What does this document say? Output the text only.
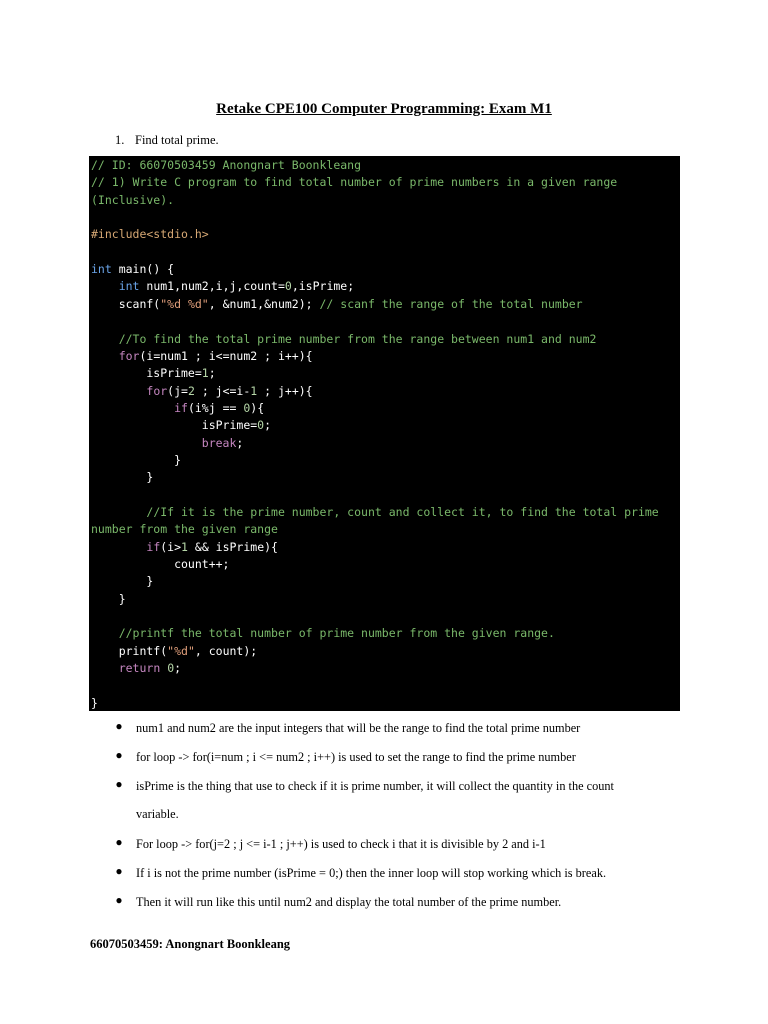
Retake CPE100 Computer Programming: Exam M1
1. Find total prime.
// ID: 66070503459 Anongnart Boonkleang
// 1) Write C program to find total number of prime numbers in a given range
(Inclusive).
#include<stdio.h>
int main() {
int num1,num2,i,j,count=0,isPrime;
scanf("%d %d", &num1,&num2); // scanf the range of the total number
//To find the total prime number from the range between num1 and num2
for(i=num1 ; i<=num2 ; i++){
isPrime=1;
for(j=2 ; j<=i-1 ; j++){
if(i%j == 0){
isPrime=0;
break;
}
}
//If it is the prime number, count and collect it, to find the total prime
number from the given range
if(i>1 && isPrime){
count++;
}
}
//printf the total number of prime number from the given range.
printf("%d", count);
return 0;
}
● num1 and num2 are the input integers that will be the range to find the total prime number
● for loop -> for(i=num ; i <= num2 ; i++) is used to set the range to find the prime number
● isPrime is the thing that use to check if it is prime number, it will collect the quantity in the count
variable.
● For loop -> for(j=2 ; j <= i-1 ; j++) is used to check i that it is divisible by 2 and i-1
● If i is not the prime number (isPrime = 0;) then the inner loop will stop working which is break.
● Then it will run like this until num2 and display the total number of the prime number.
66070503459: Anongnart Boonkleang
